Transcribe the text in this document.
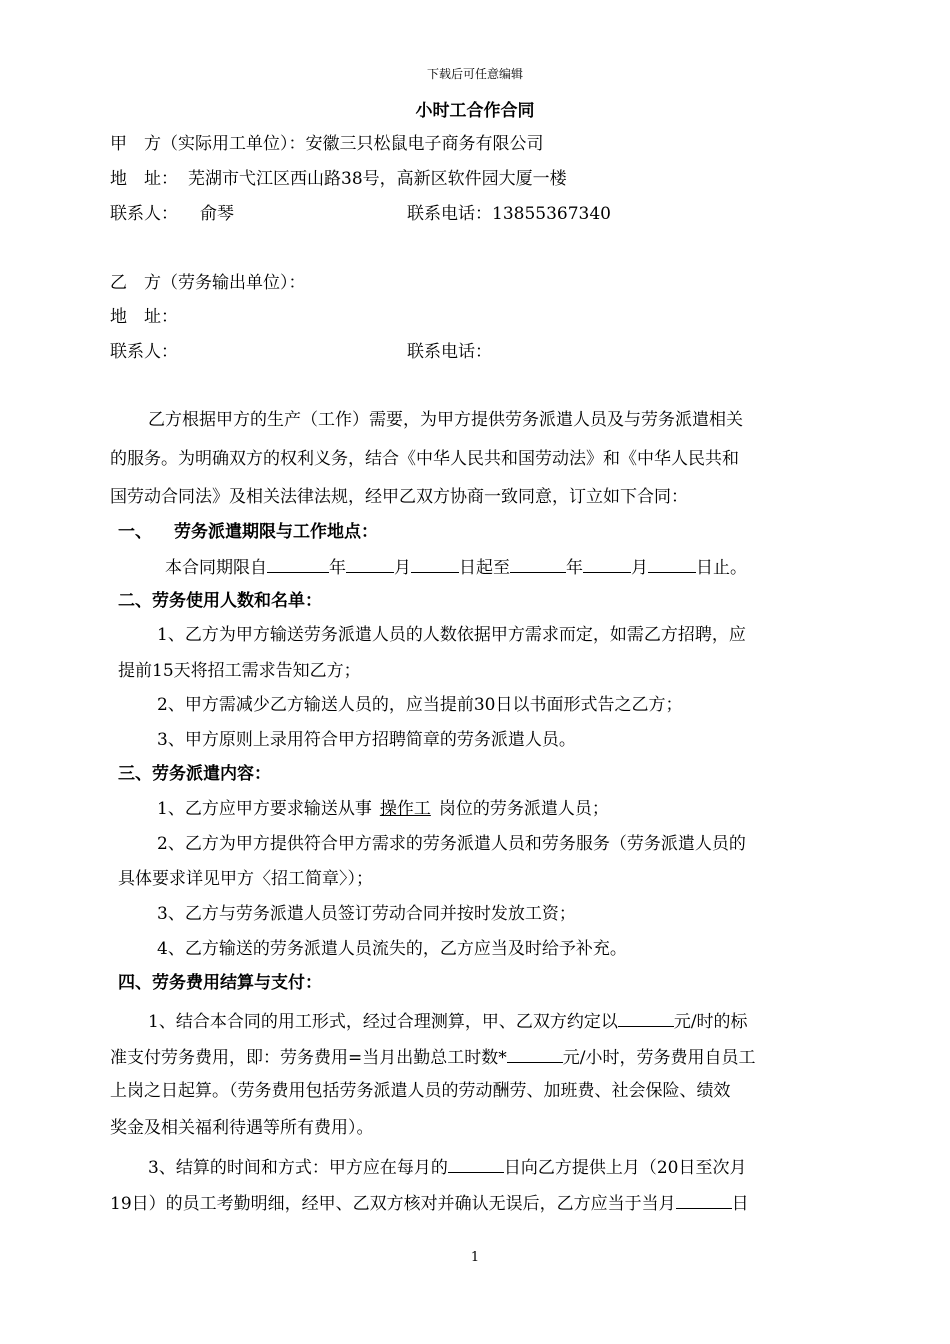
下载后可任意编辑
小时工合作合同
甲　方（实际用工单位）：安徽三只松鼠电子商务有限公司
地　址： 芜湖市弋江区西山路38号，高新区软件园大厦一楼
联系人： 俞琴	联系电话：13855367340
乙　方（劳务输出单位）：
地　址：
联系人：	联系电话：
乙方根据甲方的生产（工作）需要，为甲方提供劳务派遣人员及与劳务派遣相关
的服务。为明确双方的权利义务，结合《中华人民共和国劳动法》和《中华人民共和
国劳动合同法》及相关法律法规，经甲乙双方协商一致同意，订立如下合同：
一、 劳务派遣期限与工作地点：
本合同期限自	年	月	日起至	年	月	日止。
二、劳务使用人数和名单：
1、乙方为甲方输送劳务派遣人员的人数依据甲方需求而定，如需乙方招聘，应
提前15天将招工需求告知乙方；
2、甲方需减少乙方输送人员的，应当提前30日以书面形式告之乙方；
3、甲方原则上录用符合甲方招聘简章的劳务派遣人员。
三、劳务派遣内容：
1、乙方应甲方要求输送从事 操作工 岗位的劳务派遣人员；
2、乙方为甲方提供符合甲方需求的劳务派遣人员和劳务服务（劳务派遣人员的
具体要求详见甲方〈招工简章〉）；
3、乙方与劳务派遣人员签订劳动合同并按时发放工资；
4、乙方输送的劳务派遣人员流失的，乙方应当及时给予补充。
四、劳务费用结算与支付：
1、结合本合同的用工形式，经过合理测算，甲、乙双方约定以	元/时的标
准支付劳务费用，即：劳务费用=当月出勤总工时数*	元/小时，劳务费用自员工
上岗之日起算。（劳务费用包括劳务派遣人员的劳动酬劳、加班费、社会保险、绩效
奖金及相关福利待遇等所有费用）。
3、结算的时间和方式：甲方应在每月的	日向乙方提供上月（20日至次月
19日）的员工考勤明细，经甲、乙双方核对并确认无误后，乙方应当于当月	日
1
